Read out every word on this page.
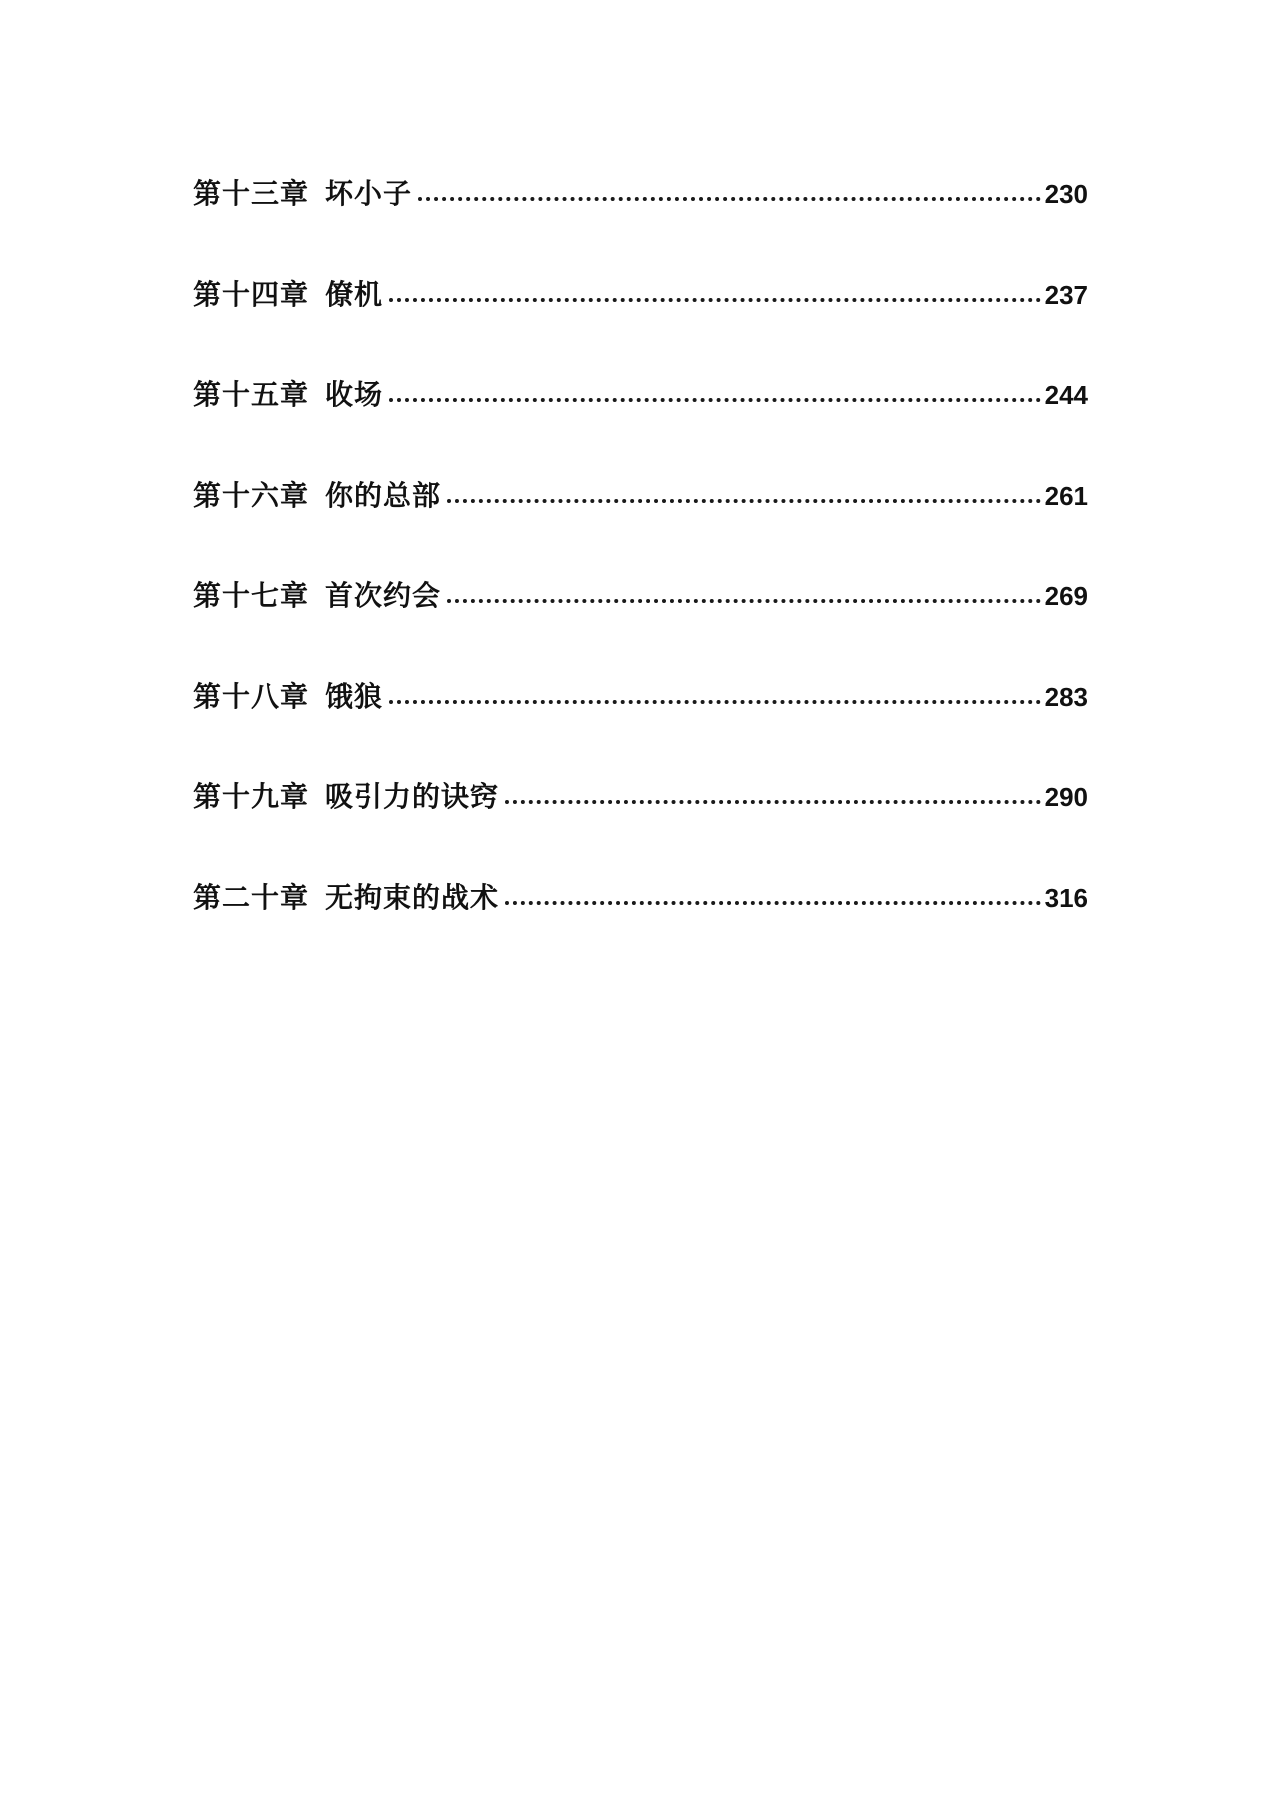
第十三章 坏小子	230
第十四章 僚机	237
第十五章 收场	244
第十六章 你的总部	261
第十七章 首次约会	269
第十八章 饿狼	283
第十九章 吸引力的诀窍	290
第二十章 无拘束的战术	316
